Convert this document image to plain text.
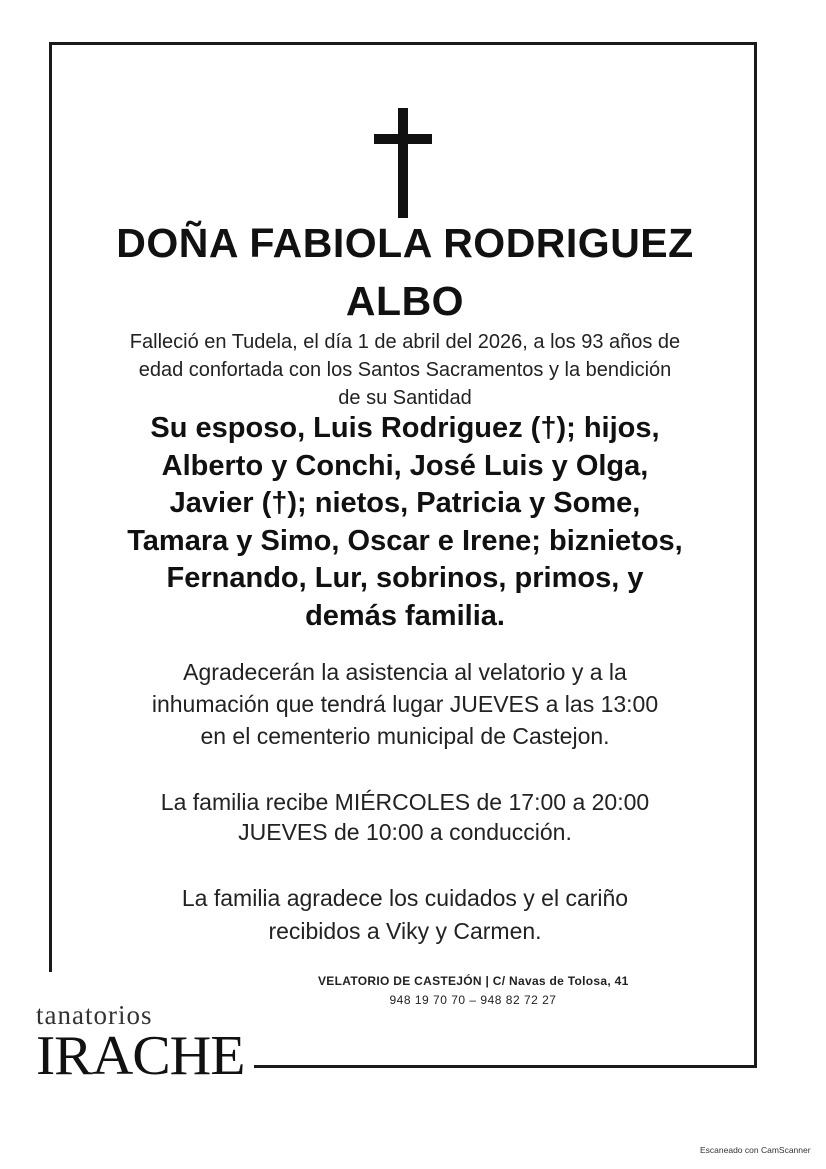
DOÑA FABIOLA RODRIGUEZ
ALBO
Falleció en Tudela, el día 1 de abril del 2026, a los 93 años de
edad confortada con los Santos Sacramentos y la bendición
de su Santidad
Su esposo, Luis Rodriguez (†); hijos,
Alberto y Conchi, José Luis y Olga,
Javier (†); nietos, Patricia y Some,
Tamara y Simo, Oscar e Irene; biznietos,
Fernando, Lur, sobrinos, primos, y
demás familia.
Agradecerán la asistencia al velatorio y a la
inhumación que tendrá lugar JUEVES a las 13:00
en el cementerio municipal de Castejon.
La familia recibe MIÉRCOLES de 17:00 a 20:00
JUEVES de 10:00 a conducción.
La familia agradece los cuidados y el cariño
recibidos a Viky y Carmen.
VELATORIO DE CASTEJÓN | C/ Navas de Tolosa, 41
948 19 70 70 – 948 82 72 27
tanatorios
IRACHE
Escaneado con CamScanner
